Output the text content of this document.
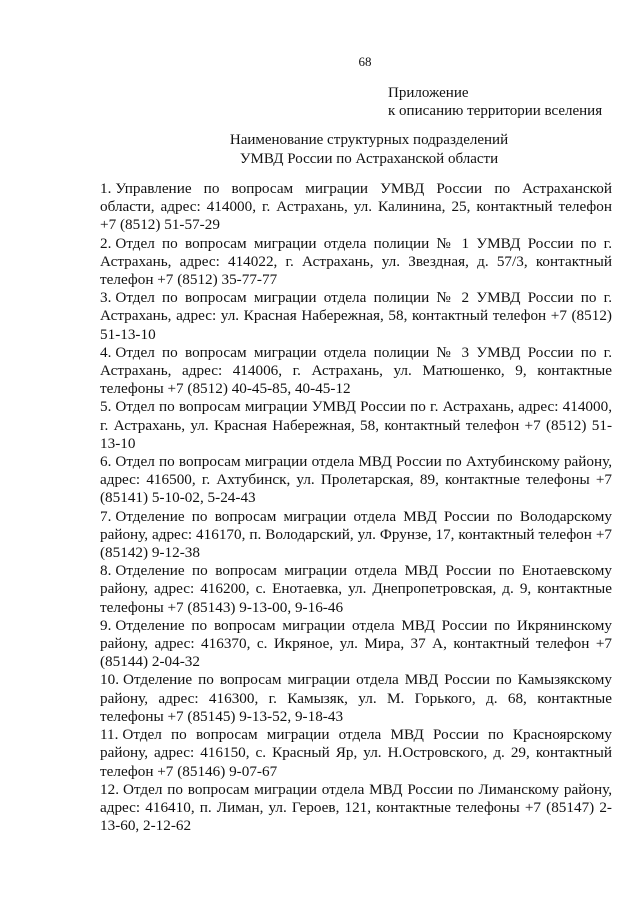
68
Приложение
к описанию территории вселения
Наименование структурных подразделений
УМВД России по Астраханской области
1. Управление по вопросам миграции УМВД России по Астраханской области, адрес: 414000, г. Астрахань, ул. Калинина, 25, контактный телефон +7 (8512) 51-57-29
2. Отдел по вопросам миграции отдела полиции № 1 УМВД России по г. Астрахань, адрес: 414022, г. Астрахань, ул. Звездная, д. 57/3, контактный телефон +7 (8512) 35-77-77
3. Отдел по вопросам миграции отдела полиции № 2 УМВД России по г. Астрахань, адрес: ул. Красная Набережная, 58, контактный телефон +7 (8512) 51-13-10
4. Отдел по вопросам миграции отдела полиции № 3 УМВД России по г. Астрахань, адрес: 414006, г. Астрахань, ул. Матюшенко, 9, контактные телефоны +7 (8512) 40-45-85, 40-45-12
5. Отдел по вопросам миграции УМВД России по г. Астрахань, адрес: 414000, г. Астрахань, ул. Красная Набережная, 58, контактный телефон +7 (8512) 51-13-10
6. Отдел по вопросам миграции отдела МВД России по Ахтубинскому району, адрес: 416500, г. Ахтубинск, ул. Пролетарская, 89, контактные телефоны +7 (85141) 5-10-02, 5-24-43
7. Отделение по вопросам миграции отдела МВД России по Володарскому району, адрес: 416170, п. Володарский, ул. Фрунзе, 17, контактный телефон +7 (85142) 9-12-38
8. Отделение по вопросам миграции отдела МВД России по Енотаевскому району, адрес: 416200, с. Енотаевка, ул. Днепропетровская, д. 9, контактные телефоны +7 (85143) 9-13-00, 9-16-46
9. Отделение по вопросам миграции отдела МВД России по Икрянинскому району, адрес: 416370, с. Икряное, ул. Мира, 37 А, контактный телефон +7 (85144) 2-04-32
10. Отделение по вопросам миграции отдела МВД России по Камызякскому району, адрес: 416300, г. Камызяк, ул. М. Горького, д. 68, контактные телефоны +7 (85145) 9-13-52, 9-18-43
11. Отдел по вопросам миграции отдела МВД России по Красноярскому району, адрес: 416150, с. Красный Яр, ул. Н.Островского, д. 29, контактный телефон +7 (85146) 9-07-67
12. Отдел по вопросам миграции отдела МВД России по Лиманскому району, адрес: 416410, п. Лиман, ул. Героев, 121, контактные телефоны +7 (85147) 2-13-60, 2-12-62
